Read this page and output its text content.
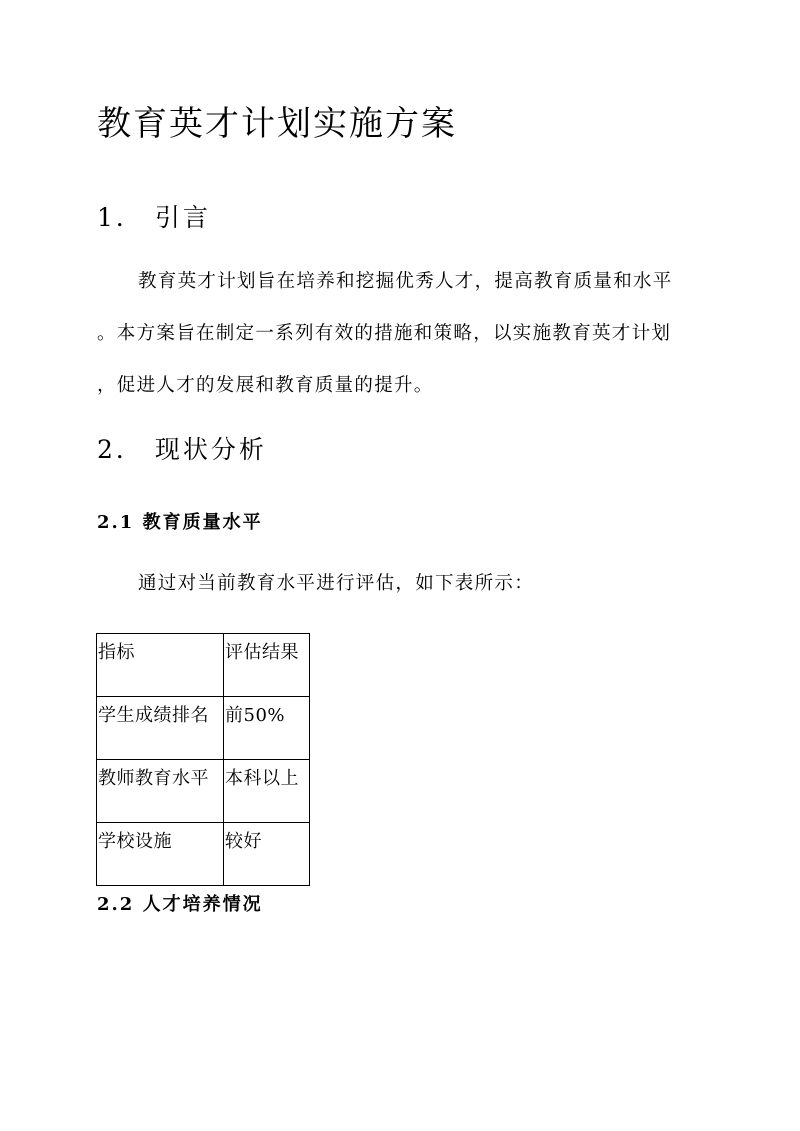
教育英才计划实施方案
1． 引言
教育英才计划旨在培养和挖掘优秀人才，提高教育质量和水平
。本方案旨在制定一系列有效的措施和策略，以实施教育英才计划
，促进人才的发展和教育质量的提升。
2． 现状分析
2.1 教育质量水平
通过对当前教育水平进行评估，如下表所示：
指标	评估结果
学生成绩排名	前50%
教师教育水平	本科以上
学校设施	较好
2.2 人才培养情况
